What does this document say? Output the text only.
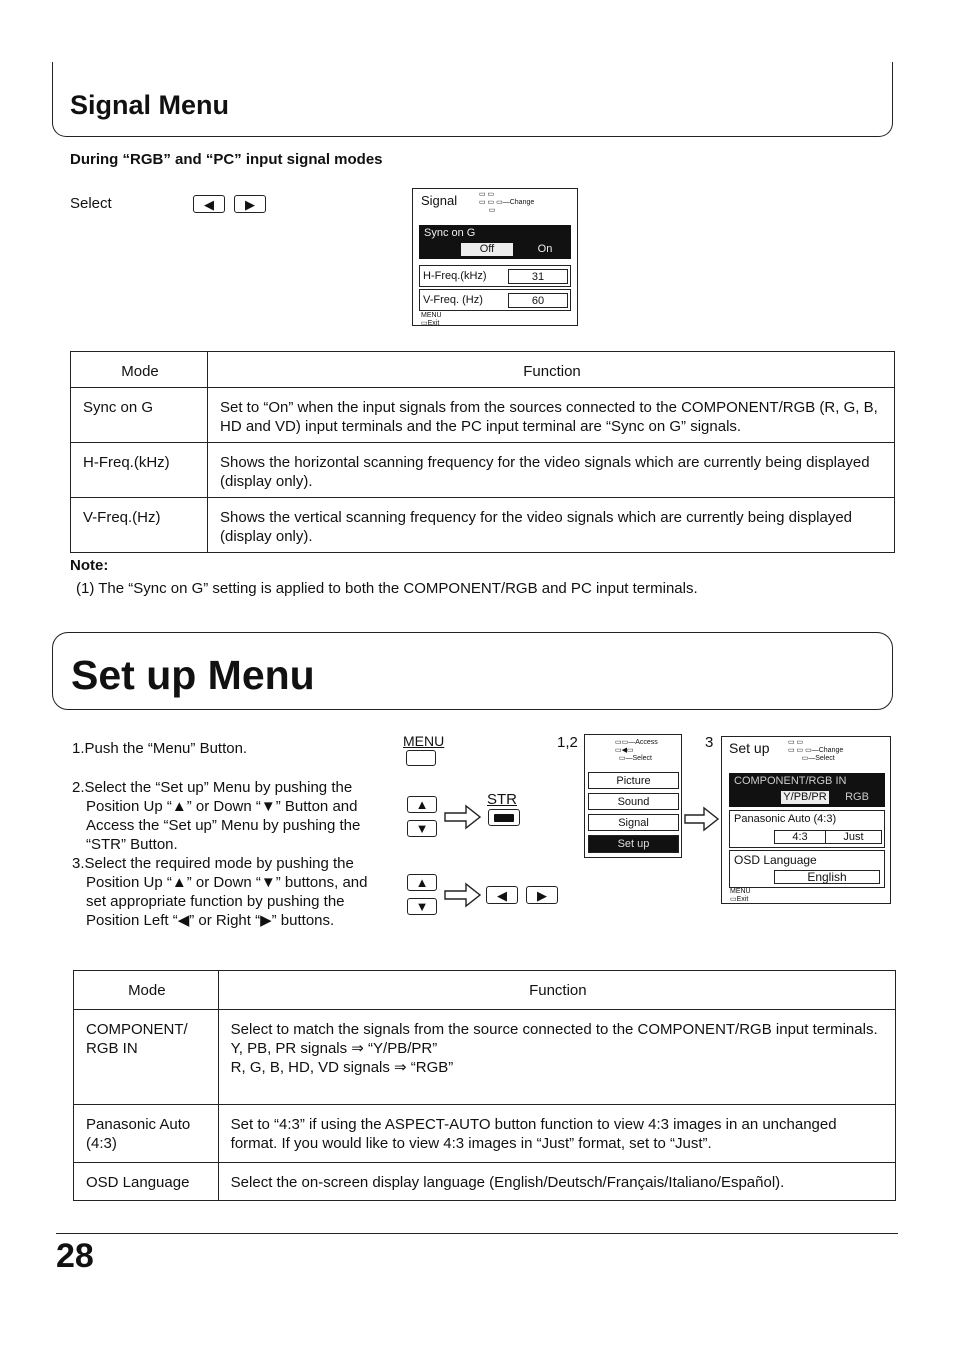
Signal Menu
During “RGB” and “PC” input signal modes
Select	◀ ▶	Signal	▭ ▭
▭ ▭ ▭—Change
▭
Sync on G
Off	On
H-Freq.(kHz)	31
V-Freq. (Hz)	60
MENU
▭Exit
Mode	Function
Sync on G	Set to “On” when the input signals from the sources connected to the COMPONENT/RGB (R, G, B, HD and VD) input terminals and the PC input terminal are “Sync on G” signals.
H-Freq.(kHz)	Shows the horizontal scanning frequency for the video signals which are currently being displayed (display only).
V-Freq.(Hz)	Shows the vertical scanning frequency for the video signals which are currently being displayed (display only).
Note:
(1) The “Sync on G” setting is applied to both the COMPONENT/RGB and PC input terminals.
Set up Menu
1.Push the “Menu” Button.
2.Select the “Set up” Menu by pushing the Position Up “▲” or Down “▼” Button and Access the “Set up” Menu by pushing the “STR” Button.
3.Select the required mode by pushing the Position Up “▲” or Down “▼” buttons, and set appropriate function by pushing the Position Left “◀” or Right “▶” buttons.
MENU
▲
▼
STR
▲
▼
◀ ▶
1,2	3
▭▭—Access
▭◀▭
▭—Select
Picture
Sound
Signal
Set up
Set up	▭ ▭
▭ ▭ ▭—Change
▭—Select
COMPONENT/RGB IN
Y/PB/PR	RGB
Panasonic Auto (4:3)
4:3	Just
OSD Language
English
MENU
▭Exit
Mode	Function
COMPONENT/ RGB IN	Select to match the signals from the source connected to the COMPONENT/RGB input terminals.
Y, PB, PR signals ⇒ “Y/PB/PR”
R, G, B, HD, VD signals ⇒ “RGB”

Panasonic Auto (4:3)	Set to “4:3” if using the ASPECT-AUTO button function to view 4:3 images in an unchanged format. If you would like to view 4:3 images in “Just” format, set to “Just”.

OSD Language	Select the on-screen display language (English/Deutsch/Français/Italiano/Español).
28
